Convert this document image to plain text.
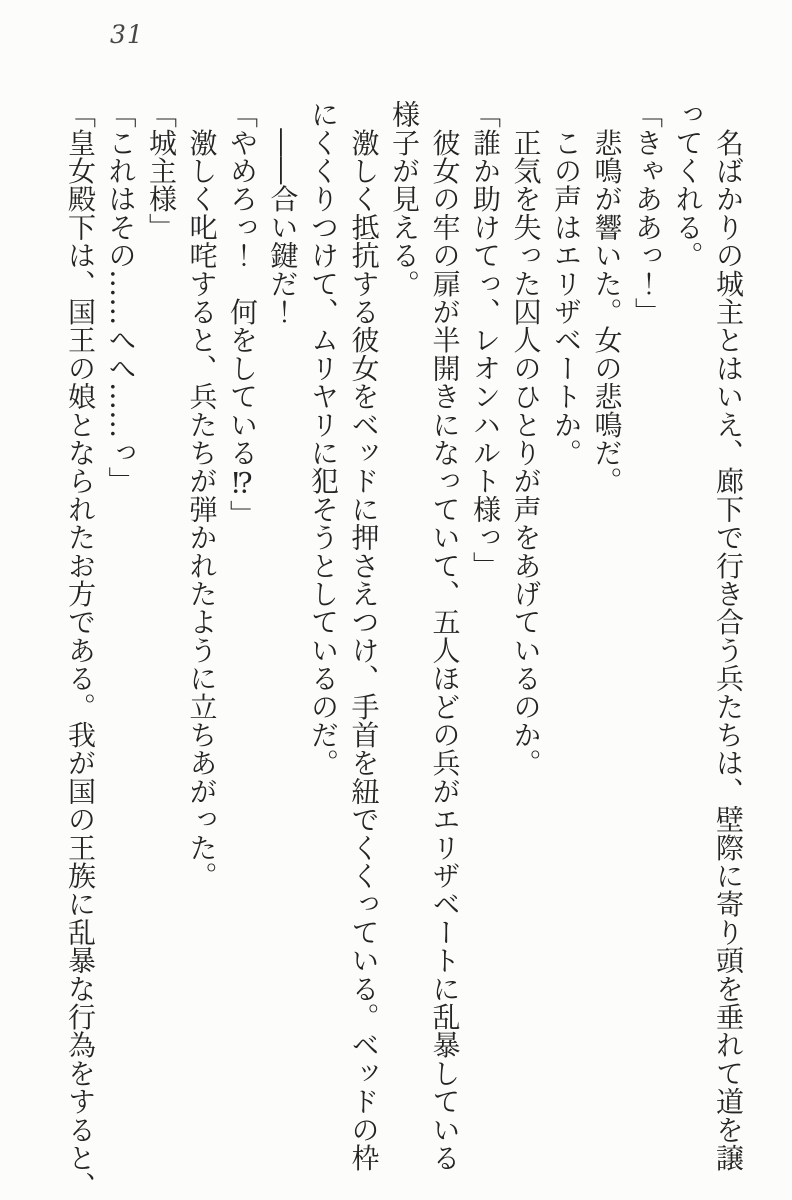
31
　名ばかりの城主とはいえ、廊下で行き合う兵たちは、壁際に寄り頭を垂れて道を譲
ってくれる。
「きゃああっ！」
　悲鳴が響いた。女の悲鳴だ。
　この声はエリザベートか。
　正気を失った囚人のひとりが声をあげているのか。
「誰か助けてっ、レオンハルト様っ」
　彼女の牢の扉が半開きになっていて、五人ほどの兵がエリザベートに乱暴している
様子が見える。
　激しく抵抗する彼女をベッドに押さえつけ、手首を紐でくくっている。ベッドの枠
にくくりつけて、ムリヤリに犯そうとしているのだ。
　――合い鍵だ！
「やめろっ！　何をしている⁉」
　激しく叱咤すると、兵たちが弾かれたように立ちあがった。
「城主様」
「これはその……へへ……っ」
「皇女殿下は、国王の娘となられたお方である。我が国の王族に乱暴な行為をすると、
